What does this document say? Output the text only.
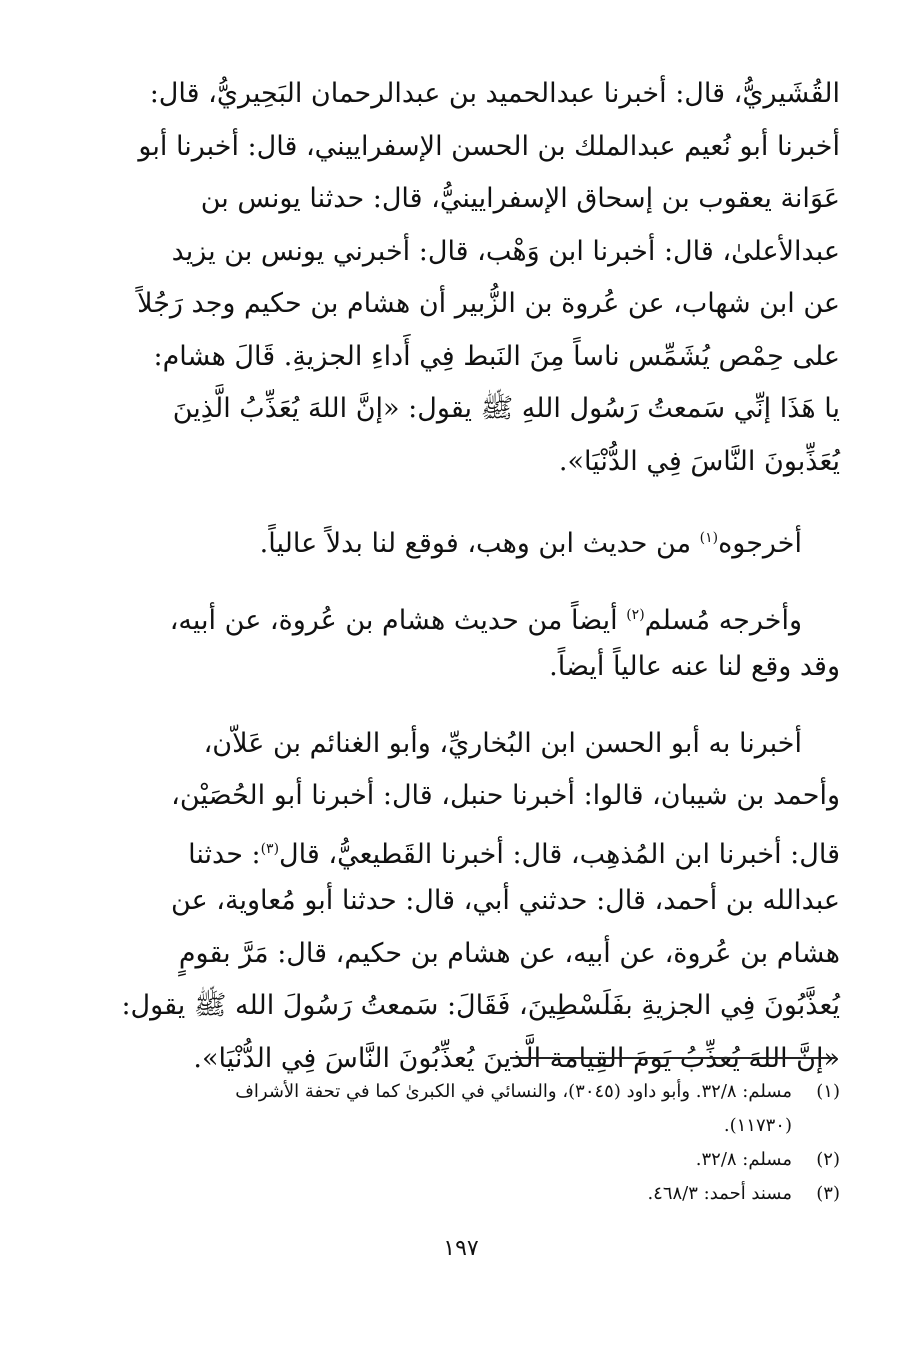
القُشَيريُّ، قال: أخبرنا عبدالحميد بن عبدالرحمان البَحِيريُّ، قال:
أخبرنا أبو نُعيم عبدالملك بن الحسن الإسفراييني، قال: أخبرنا أبو
عَوَانة يعقوب بن إسحاق الإسفرايينيُّ، قال: حدثنا يونس بن
عبدالأعلىٰ، قال: أخبرنا ابن وَهْب، قال: أخبرني يونس بن يزيد
عن ابن شهاب، عن عُروة بن الزُّبير أن هشام بن حكيم وجد رَجُلاً
على حِمْص يُشَمِّس ناساً مِنَ النَبط فِي أَداءِ الجزيةِ. قَالَ هشام:
يا هَذَا إنِّي سَمعتُ رَسُول اللهِ ﷺ يقول: «إنَّ اللهَ يُعَذِّبُ الَّذِينَ
يُعَذِّبونَ النَّاسَ فِي الدُّنْيَا».
أخرجوه$^{(١)}$ من حديث ابن وهب، فوقع لنا بدلاً عالياً.
وأخرجه مُسلم$^{(٢)}$ أيضاً من حديث هشام بن عُروة، عن أبيه،
وقد وقع لنا عنه عالياً أيضاً.
أخبرنا به أبو الحسن ابن البُخاريِّ، وأبو الغنائم بن عَلاّن،
وأحمد بن شيبان، قالوا: أخبرنا حنبل، قال: أخبرنا أبو الحُصَيْن،
قال: أخبرنا ابن المُذهِب، قال: أخبرنا القَطيعيُّ، قال$^{(٣)}$: حدثنا
عبدالله بن أحمد، قال: حدثني أبي، قال: حدثنا أبو مُعاوية، عن
هشام بن عُروة، عن أبيه، عن هشام بن حكيم، قال: مَرَّ بقومٍ
يُعذَّبُونَ فِي الجزيةِ بفَلَسْطِينَ، فَقَالَ: سَمعتُ رَسُولَ الله ﷺ يقول:
«إنَّ اللهَ يُعذِّبُ يَومَ القِيامة الَّذينَ يُعذِّبُونَ النَّاسَ فِي الدُّنْيَا».
(١)
مسلم: ٣٢/٨. وأبو داود (٣٠٤٥)، والنسائي في الكبرىٰ كما في تحفة الأشراف
(١١٧٣٠).
(٢)
مسلم: ٣٢/٨.
(٣)
مسند أحمد: ٤٦٨/٣.
١٩٧
